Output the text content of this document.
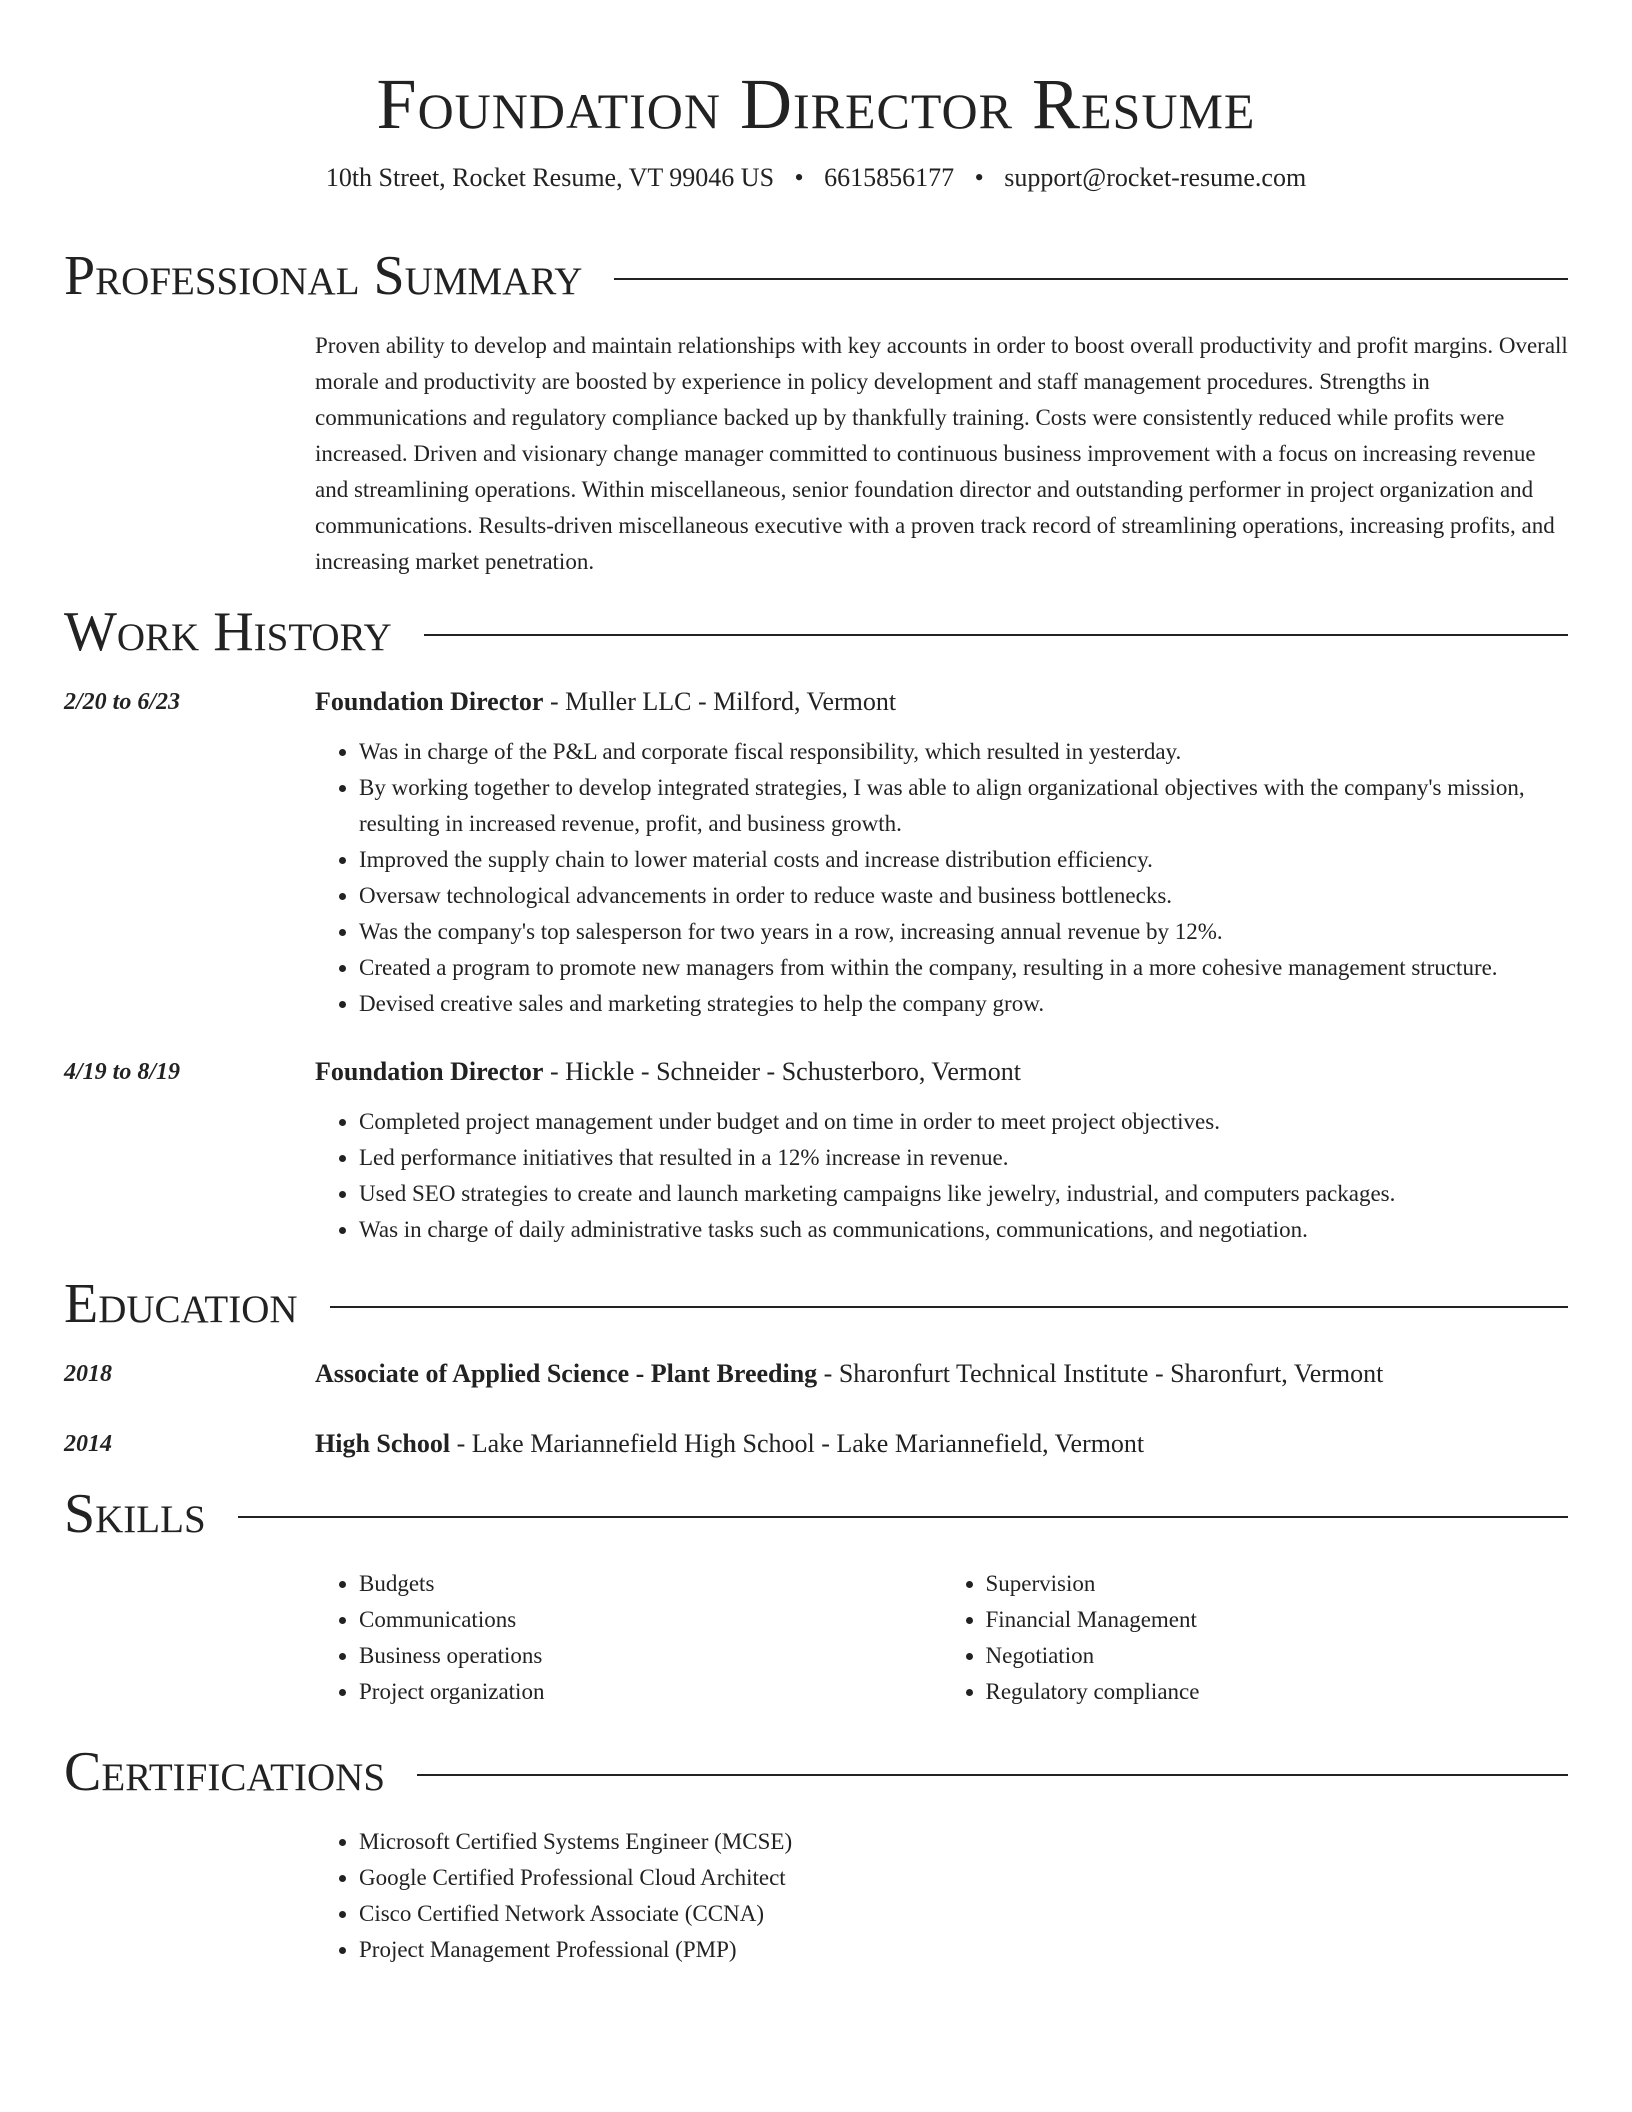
Foundation Director Resume
10th Street, Rocket Resume, VT 99046 US • 6615856177 • support@rocket-resume.com
Professional Summary
Proven ability to develop and maintain relationships with key accounts in order to boost overall productivity and profit margins. Overall morale and productivity are boosted by experience in policy development and staff management procedures. Strengths in communications and regulatory compliance backed up by thankfully training. Costs were consistently reduced while profits were increased. Driven and visionary change manager committed to continuous business improvement with a focus on increasing revenue and streamlining operations. Within miscellaneous, senior foundation director and outstanding performer in project organization and communications. Results-driven miscellaneous executive with a proven track record of streamlining operations, increasing profits, and increasing market penetration.
Work History
2/20 to 6/23	Foundation Director - Muller LLC - Milford, Vermont
• Was in charge of the P&L and corporate fiscal responsibility, which resulted in yesterday.
• By working together to develop integrated strategies, I was able to align organizational objectives with the company's mission, resulting in increased revenue, profit, and business growth.
• Improved the supply chain to lower material costs and increase distribution efficiency.
• Oversaw technological advancements in order to reduce waste and business bottlenecks.
• Was the company's top salesperson for two years in a row, increasing annual revenue by 12%.
• Created a program to promote new managers from within the company, resulting in a more cohesive management structure.
• Devised creative sales and marketing strategies to help the company grow.
4/19 to 8/19	Foundation Director - Hickle - Schneider - Schusterboro, Vermont
• Completed project management under budget and on time in order to meet project objectives.
• Led performance initiatives that resulted in a 12% increase in revenue.
• Used SEO strategies to create and launch marketing campaigns like jewelry, industrial, and computers packages.
• Was in charge of daily administrative tasks such as communications, communications, and negotiation.
Education
2018	Associate of Applied Science - Plant Breeding - Sharonfurt Technical Institute - Sharonfurt, Vermont
2014	High School - Lake Mariannefield High School - Lake Mariannefield, Vermont
Skills
• Budgets
• Communications
• Business operations
• Project organization
• Supervision
• Financial Management
• Negotiation
• Regulatory compliance
Certifications
• Microsoft Certified Systems Engineer (MCSE)
• Google Certified Professional Cloud Architect
• Cisco Certified Network Associate (CCNA)
• Project Management Professional (PMP)
